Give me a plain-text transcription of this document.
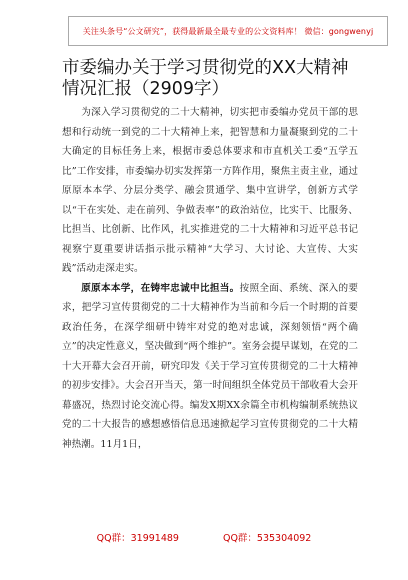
关注头条号“公文研究”，获得最新最全最专业的公文资料库！ 微信：gongwenyj
市委编办关于学习贯彻党的XX大精神情况汇报（2909字）

为深入学习贯彻党的二十大精神，切实把市委编办党员干部的思想和行动统一到党的二十大精神上来，把智慧和力量凝聚到党的二十大确定的目标任务上来，根据市委总体要求和市直机关工委“五学五比”工作安排，市委编办切实发挥第一方阵作用，聚焦主责主业，通过原原本本学、分层分类学、融会贯通学、集中宣讲学，创新方式学以“干在实处、走在前列、争做表率”的政治站位，比实干、比服务、比担当、比创新、比作风，扎实推进党的二十大精神和习近平总书记视察宁夏重要讲话指示批示精神“大学习、大讨论、大宣传、大实践”活动走深走实。

原原本本学，在铸牢忠诚中比担当。按照全面、系统、深入的要求，把学习宣传贯彻党的二十大精神作为当前和今后一个时期的首要政治任务，在深学细研中铸牢对党的绝对忠诚，深刻领悟“两个确立”的决定性意义，坚决做到“两个维护”。室务会提早谋划，在党的二十大开幕大会召开前，研究印发《关于学习宣传贯彻党的二十大精神的初步安排》。大会召开当天，第一时间组织全体党员干部收看大会开幕盛况，热烈讨论交流心得。编发X期XX余篇全市机构编制系统热议党的二十大报告的感想感悟信息迅速掀起学习宣传贯彻党的二十大精神热潮。11月1日，

QQ群：31991489	QQ群：535304092
